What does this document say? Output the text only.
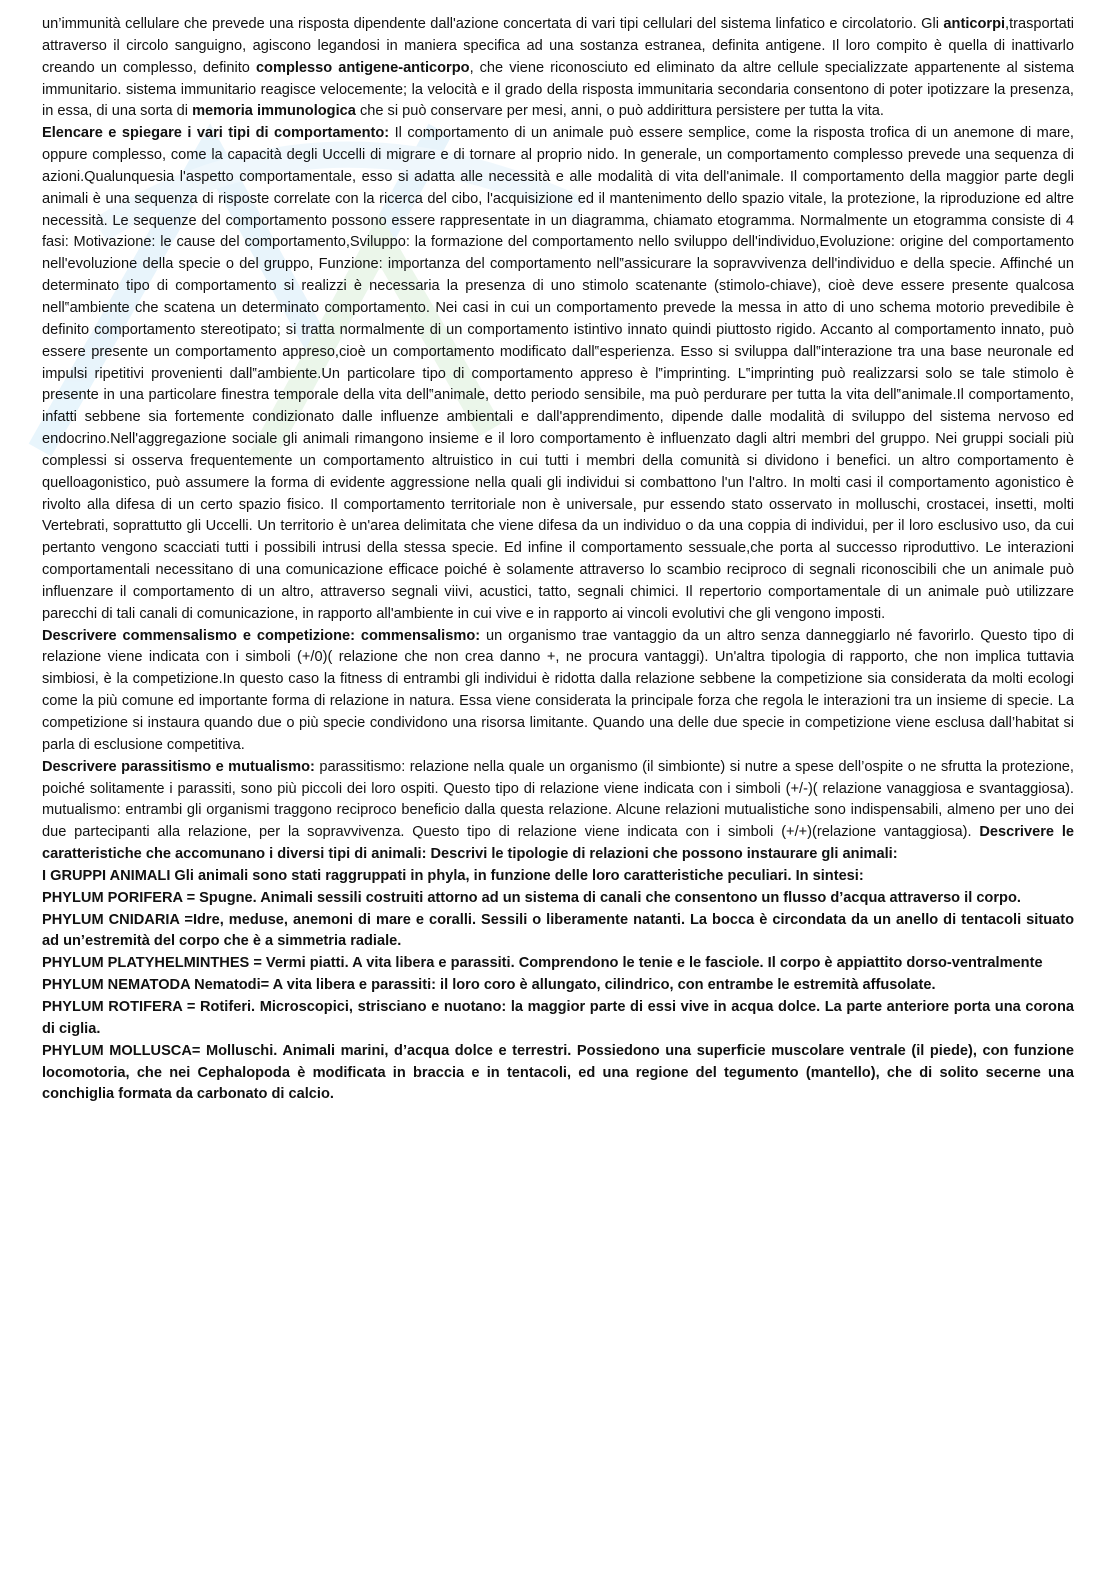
un’immunità cellulare che prevede una risposta dipendente dall'azione concertata di vari tipi cellulari del sistema linfatico e circolatorio. Gli anticorpi,trasportati attraverso il circolo sanguigno, agiscono legandosi in maniera specifica ad una sostanza estranea, definita antigene. Il loro compito è quella di inattivarlo creando un complesso, definito complesso antigene-anticorpo, che viene riconosciuto ed eliminato da altre cellule specializzate appartenente al sistema immunitario. sistema immunitario reagisce velocemente; la velocità e il grado della risposta immunitaria secondaria consentono di poter ipotizzare la presenza, in essa, di una sorta di memoria immunologica che si può conservare per mesi, anni, o può addirittura persistere per tutta la vita.

Elencare e spiegare i vari tipi di comportamento: Il comportamento di un animale può essere semplice, come la risposta trofica di un anemone di mare, oppure complesso, come la capacità degli Uccelli di migrare e di tornare al proprio nido. In generale, un comportamento complesso prevede una sequenza di azioni.Qualunquesia l'aspetto comportamentale, esso si adatta alle necessità e alle modalità di vita dell'animale. Il comportamento della maggior parte degli animali è una sequenza di risposte correlate con la ricerca del cibo, l'acquisizione ed il mantenimento dello spazio vitale, la protezione, la riproduzione ed altre necessità. Le sequenze del comportamento possono essere rappresentate in un diagramma, chiamato etogramma. Normalmente un etogramma consiste di 4 fasi: Motivazione: le cause del comportamento,Sviluppo: la formazione del comportamento nello sviluppo dell'individuo,Evoluzione: origine del comportamento nell'evoluzione della specie o del gruppo, Funzione: importanza del comportamento nell‟assicurare la sopravvivenza dell'individuo e della specie. Affinché un determinato tipo di comportamento si realizzi è necessaria la presenza di uno stimolo scatenante (stimolo-chiave), cioè deve essere presente qualcosa nell‟ambiente che scatena un determinato comportamento. Nei casi in cui un comportamento prevede la messa in atto di uno schema motorio prevedibile è definito comportamento stereotipato; si tratta normalmente di un comportamento istintivo innato quindi piuttosto rigido. Accanto al comportamento innato, può essere presente un comportamento appreso,cioè un comportamento modificato dall‟esperienza. Esso si sviluppa dall‟interazione tra una base neuronale ed impulsi ripetitivi provenienti dall‟ambiente.Un particolare tipo di comportamento appreso è l‟imprinting. L‟imprinting può realizzarsi solo se tale stimolo è presente in una particolare finestra temporale della vita dell‟animale, detto periodo sensibile, ma può perdurare per tutta la vita dell‟animale.Il comportamento, infatti sebbene sia fortemente condizionato dalle influenze ambientali e dall'apprendimento, dipende dalle modalità di sviluppo del sistema nervoso ed endocrino.Nell'aggregazione sociale gli animali rimangono insieme e il loro comportamento è influenzato dagli altri membri del gruppo. Nei gruppi sociali più complessi si osserva frequentemente un comportamento altruistico in cui tutti i membri della comunità si dividono i benefici. un altro comportamento è quelloagonistico, può assumere la forma di evidente aggressione nella quali gli individui si combattono l'un l'altro. In molti casi il comportamento agonistico è rivolto alla difesa di un certo spazio fisico. Il comportamento territoriale non è universale, pur essendo stato osservato in molluschi, crostacei, insetti, molti Vertebrati, soprattutto gli Uccelli. Un territorio è un'area delimitata che viene difesa da un individuo o da una coppia di individui, per il loro esclusivo uso, da cui pertanto vengono scacciati tutti i possibili intrusi della stessa specie. Ed infine il comportamento sessuale,che porta al successo riproduttivo. Le interazioni comportamentali necessitano di una comunicazione efficace poiché è solamente attraverso lo scambio reciproco di segnali riconoscibili che un animale può influenzare il comportamento di un altro, attraverso segnali viivi, acustici, tatto, segnali chimici. Il repertorio comportamentale di un animale può utilizzare parecchi di tali canali di comunicazione, in rapporto all'ambiente in cui vive e in rapporto ai vincoli evolutivi che gli vengono imposti.

Descrivere commensalismo e competizione: commensalismo: un organismo trae vantaggio da un altro senza danneggiarlo né favorirlo. Questo tipo di relazione viene indicata con i simboli (+/0)( relazione che non crea danno +, ne procura vantaggi). Un'altra tipologia di rapporto, che non implica tuttavia simbiosi, è la competizione.In questo caso la fitness di entrambi gli individui è ridotta dalla relazione sebbene la competizione sia considerata da molti ecologi come la più comune ed importante forma di relazione in natura. Essa viene considerata la principale forza che regola le interazioni tra un insieme di specie. La competizione si instaura quando due o più specie condividono una risorsa limitante. Quando una delle due specie in competizione viene esclusa dall’habitat si parla di esclusione competitiva.

Descrivere parassitismo e mutualismo: parassitismo: relazione nella quale un organismo (il simbionte) si nutre a spese dell’ospite o ne sfrutta la protezione, poiché solitamente i parassiti, sono più piccoli dei loro ospiti. Questo tipo di relazione viene indicata con i simboli (+/-)( relazione vanaggiosa e svantaggiosa). mutualismo: entrambi gli organismi traggono reciproco beneficio dalla questa relazione. Alcune relazioni mutualistiche sono indispensabili, almeno per uno dei due partecipanti alla relazione, per la sopravvivenza. Questo tipo di relazione viene indicata con i simboli (+/+)(relazione vantaggiosa). Descrivere le caratteristiche che accomunano i diversi tipi di animali: Descrivi le tipologie di relazioni che possono instaurare gli animali:

I GRUPPI ANIMALI Gli animali sono stati raggruppati in phyla, in funzione delle loro caratteristiche peculiari. In sintesi:

PHYLUM PORIFERA = Spugne. Animali sessili costruiti attorno ad un sistema di canali che consentono un flusso d’acqua attraverso il corpo.

PHYLUM CNIDARIA =Idre, meduse, anemoni di mare e coralli. Sessili o liberamente natanti. La bocca è circondata da un anello di tentacoli situato ad un’estremità del corpo che è a simmetria radiale.

PHYLUM PLATYHELMINTHES = Vermi piatti. A vita libera e parassiti. Comprendono le tenie e le fasciole. Il corpo è appiattito dorso-ventralmente

PHYLUM NEMATODA Nematodi= A vita libera e parassiti: il loro coro è allungato, cilindrico, con entrambe le estremità affusolate.

PHYLUM ROTIFERA = Rotiferi. Microscopici, strisciano e nuotano: la maggior parte di essi vive in acqua dolce. La parte anteriore porta una corona di ciglia.

PHYLUM MOLLUSCA= Molluschi. Animali marini, d’acqua dolce e terrestri. Possiedono una superficie muscolare ventrale (il piede), con funzione locomotoria, che nei Cephalopoda è modificata in braccia e in tentacoli, ed una regione del tegumento (mantello), che di solito secerne una conchiglia formata da carbonato di calcio.
